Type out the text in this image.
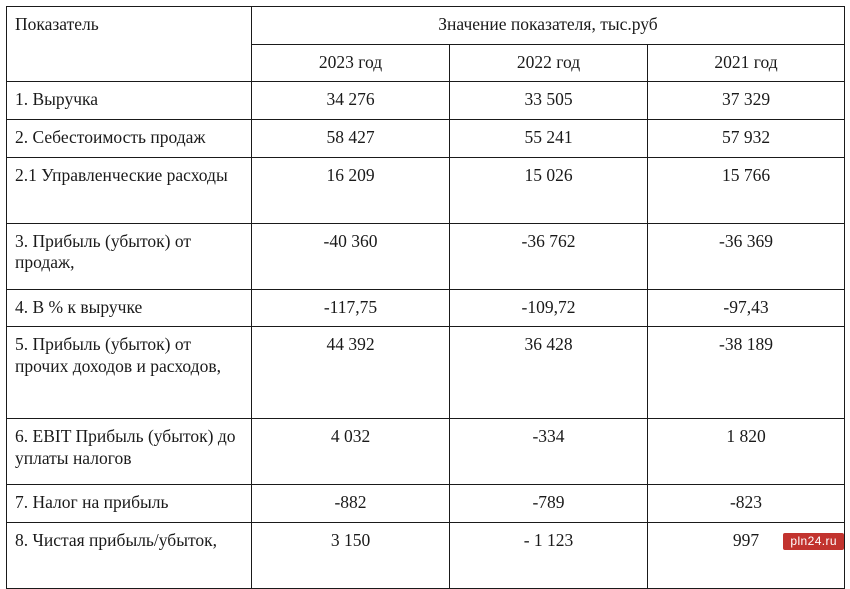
Показатель	Значение показателя, тыс.руб		
	2023 год	2022 год	2021 год
1. Выручка	34 276	33 505	37 329
2. Себестоимость продаж	58 427	55 241	57 932
2.1 Управленческие расходы	16 209	15 026	15 766
3. Прибыль (убыток) от продаж,	-40 360	-36 762	-36 369
4. В % к выручке	-117,75	-109,72	-97,43
5. Прибыль (убыток) от прочих доходов и расходов,	44 392	36 428	-38 189
6. EBIT Прибыль (убыток) до уплаты налогов	4 032	-334	1 820
7. Налог на прибыль	-882	-789	-823
8. Чистая прибыль/убыток,	3 150	- 1 123	997	pln24.ru
